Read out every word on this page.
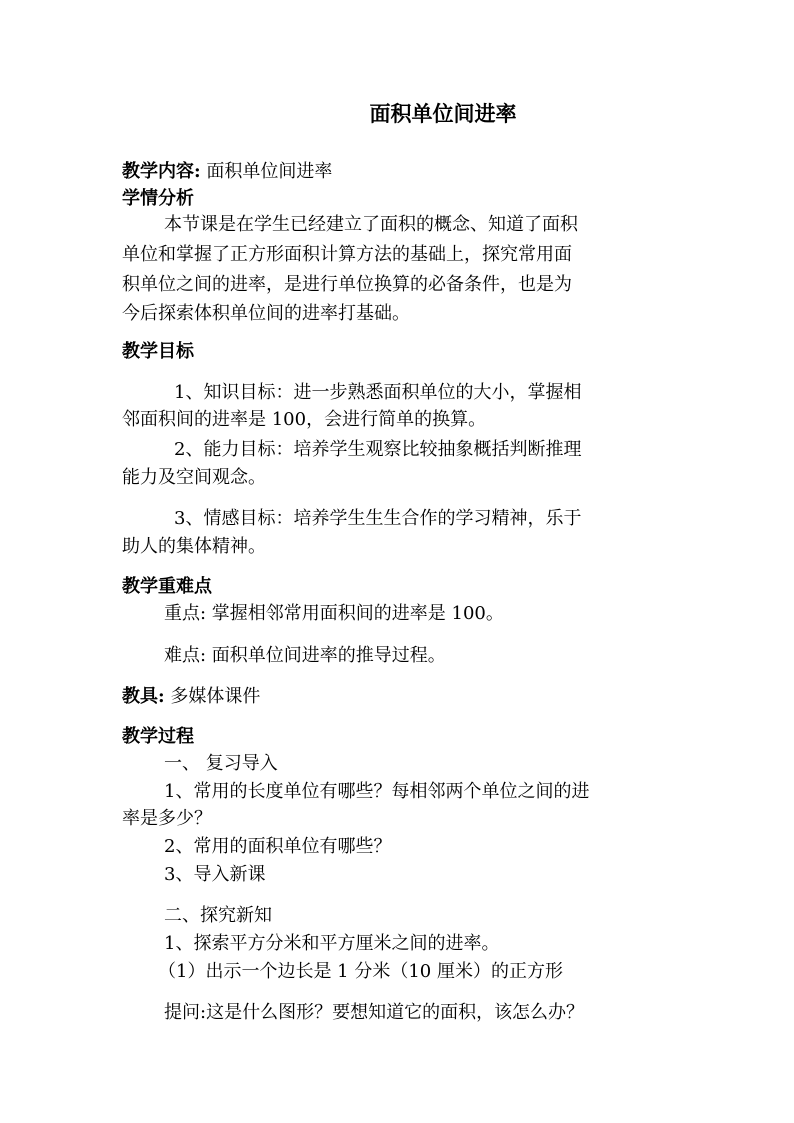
面积单位间进率
教学内容: 面积单位间进率
学情分析
本节课是在学生已经建立了面积的概念、知道了面积
单位和掌握了正方形面积计算方法的基础上，探究常用面
积单位之间的进率，是进行单位换算的必备条件，也是为
今后探索体积单位间的进率打基础。
教学目标
1、知识目标：进一步熟悉面积单位的大小，掌握相
邻面积间的进率是 100，会进行简单的换算。
2、能力目标：培养学生观察比较抽象概括判断推理
能力及空间观念。
3、情感目标：培养学生生生合作的学习精神，乐于
助人的集体精神。
教学重难点
重点: 掌握相邻常用面积间的进率是 100。
难点: 面积单位间进率的推导过程。
教具: 多媒体课件
教学过程
一、 复习导入
1、常用的长度单位有哪些？每相邻两个单位之间的进
率是多少？
2、常用的面积单位有哪些？
3、导入新课
二、探究新知
1、探索平方分米和平方厘米之间的进率。
（1）出示一个边长是 1 分米（10 厘米）的正方形
提问:这是什么图形？要想知道它的面积，该怎么办？
